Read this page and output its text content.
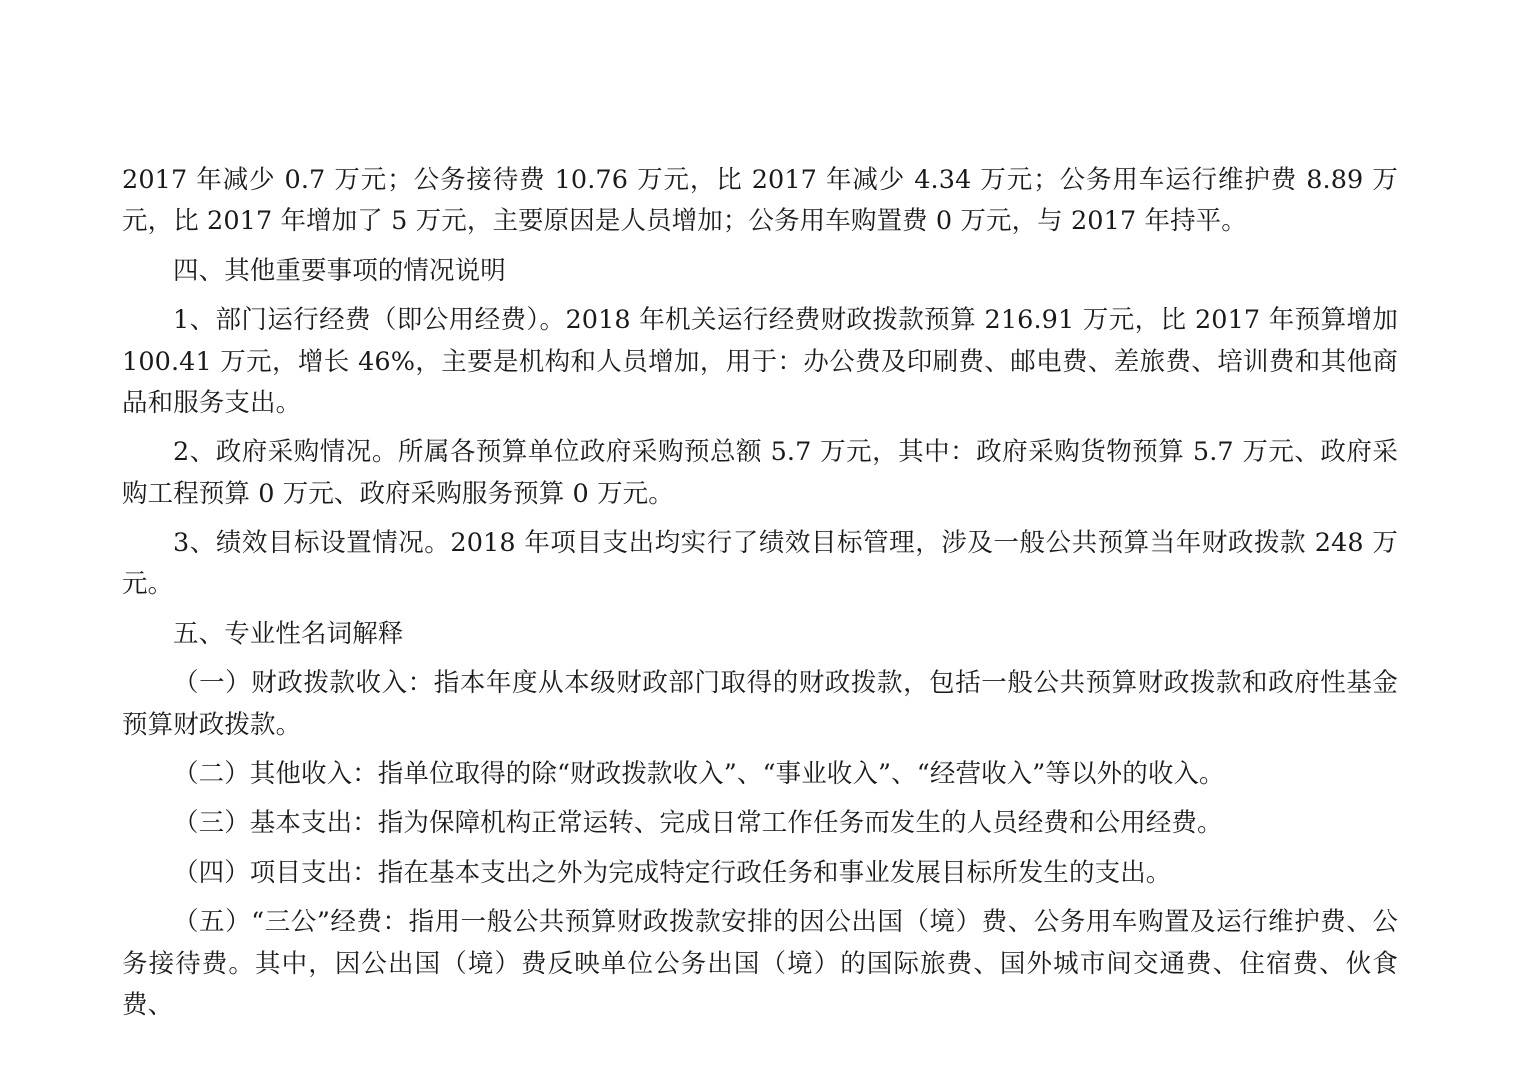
2017 年减少 0.7 万元；公务接待费 10.76 万元，比 2017 年减少 4.34 万元；公务用车运行维护费 8.89 万元，比 2017 年增加了 5 万元，主要原因是人员增加；公务用车购置费 0 万元，与 2017 年持平。

四、其他重要事项的情况说明

1、部门运行经费（即公用经费）。2018 年机关运行经费财政拨款预算 216.91 万元，比 2017 年预算增加 100.41 万元，增长 46%，主要是机构和人员增加，用于：办公费及印刷费、邮电费、差旅费、培训费和其他商品和服务支出。

2、政府采购情况。所属各预算单位政府采购预总额 5.7 万元，其中：政府采购货物预算 5.7 万元、政府采购工程预算 0 万元、政府采购服务预算 0 万元。

3、绩效目标设置情况。2018 年项目支出均实行了绩效目标管理，涉及一般公共预算当年财政拨款 248 万元。

五、专业性名词解释

（一）财政拨款收入：指本年度从本级财政部门取得的财政拨款，包括一般公共预算财政拨款和政府性基金预算财政拨款。

（二）其他收入：指单位取得的除“财政拨款收入”、“事业收入”、“经营收入”等以外的收入。

（三）基本支出：指为保障机构正常运转、完成日常工作任务而发生的人员经费和公用经费。

（四）项目支出：指在基本支出之外为完成特定行政任务和事业发展目标所发生的支出。

（五）“三公”经费：指用一般公共预算财政拨款安排的因公出国（境）费、公务用车购置及运行维护费、公务接待费。其中，因公出国（境）费反映单位公务出国（境）的国际旅费、国外城市间交通费、住宿费、伙食费、
